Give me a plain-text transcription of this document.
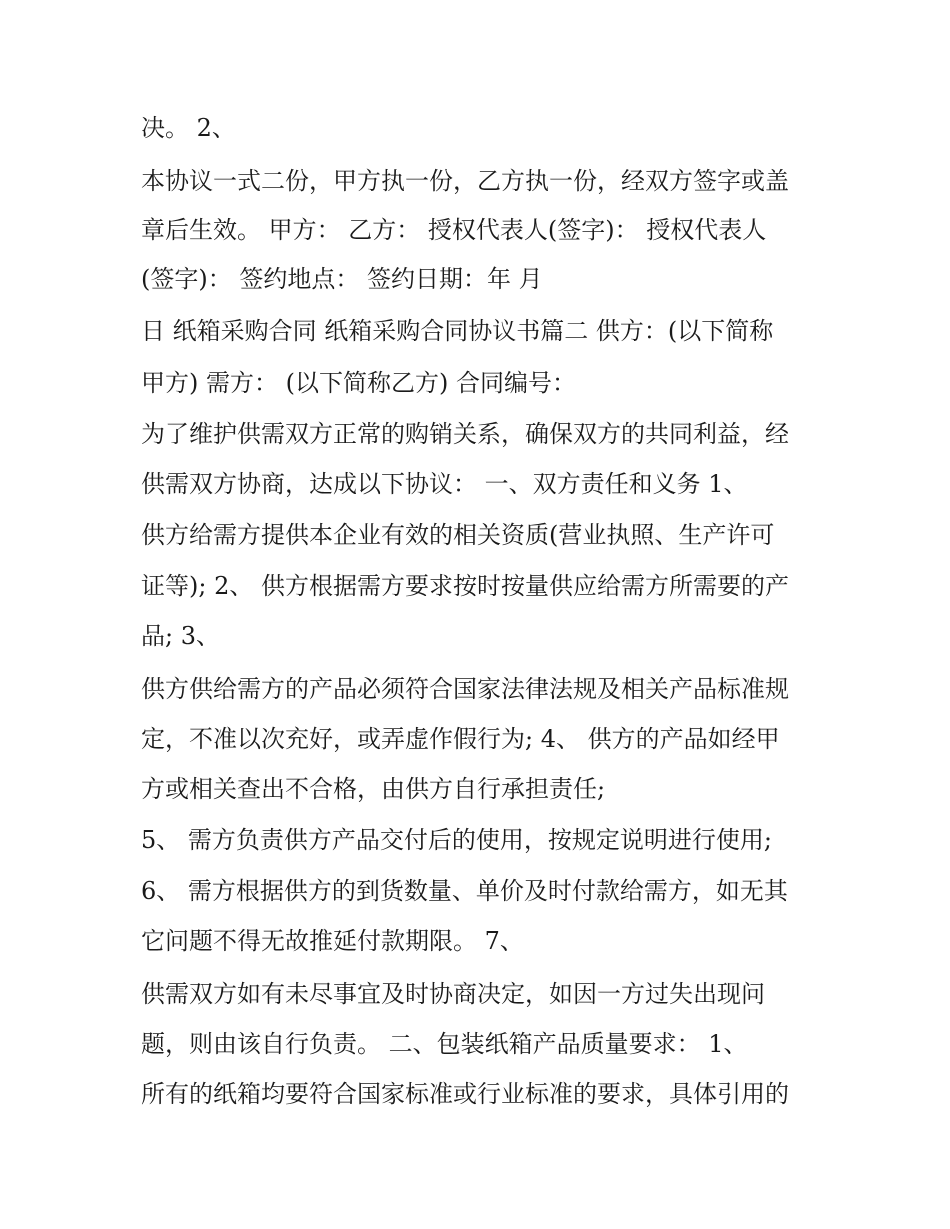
决。 2、
本协议一式二份，甲方执一份，乙方执一份，经双方签字或盖
章后生效。 甲方： 乙方： 授权代表人(签字)： 授权代表人
(签字)： 签约地点： 签约日期：年 月
日 纸箱采购合同 纸箱采购合同协议书篇二 供方：(以下简称
甲方) 需方： (以下简称乙方) 合同编号：
为了维护供需双方正常的购销关系，确保双方的共同利益，经
供需双方协商，达成以下协议： 一、双方责任和义务 1、
供方给需方提供本企业有效的相关资质(营业执照、生产许可
证等); 2、 供方根据需方要求按时按量供应给需方所需要的产
品; 3、
供方供给需方的产品必须符合国家法律法规及相关产品标准规
定，不准以次充好，或弄虚作假行为; 4、 供方的产品如经甲
方或相关查出不合格，由供方自行承担责任;
5、 需方负责供方产品交付后的使用，按规定说明进行使用;
6、 需方根据供方的到货数量、单价及时付款给需方，如无其
它问题不得无故推延付款期限。 7、
供需双方如有未尽事宜及时协商决定，如因一方过失出现问
题，则由该自行负责。 二、包装纸箱产品质量要求： 1、
所有的纸箱均要符合国家标准或行业标准的要求，具体引用的
